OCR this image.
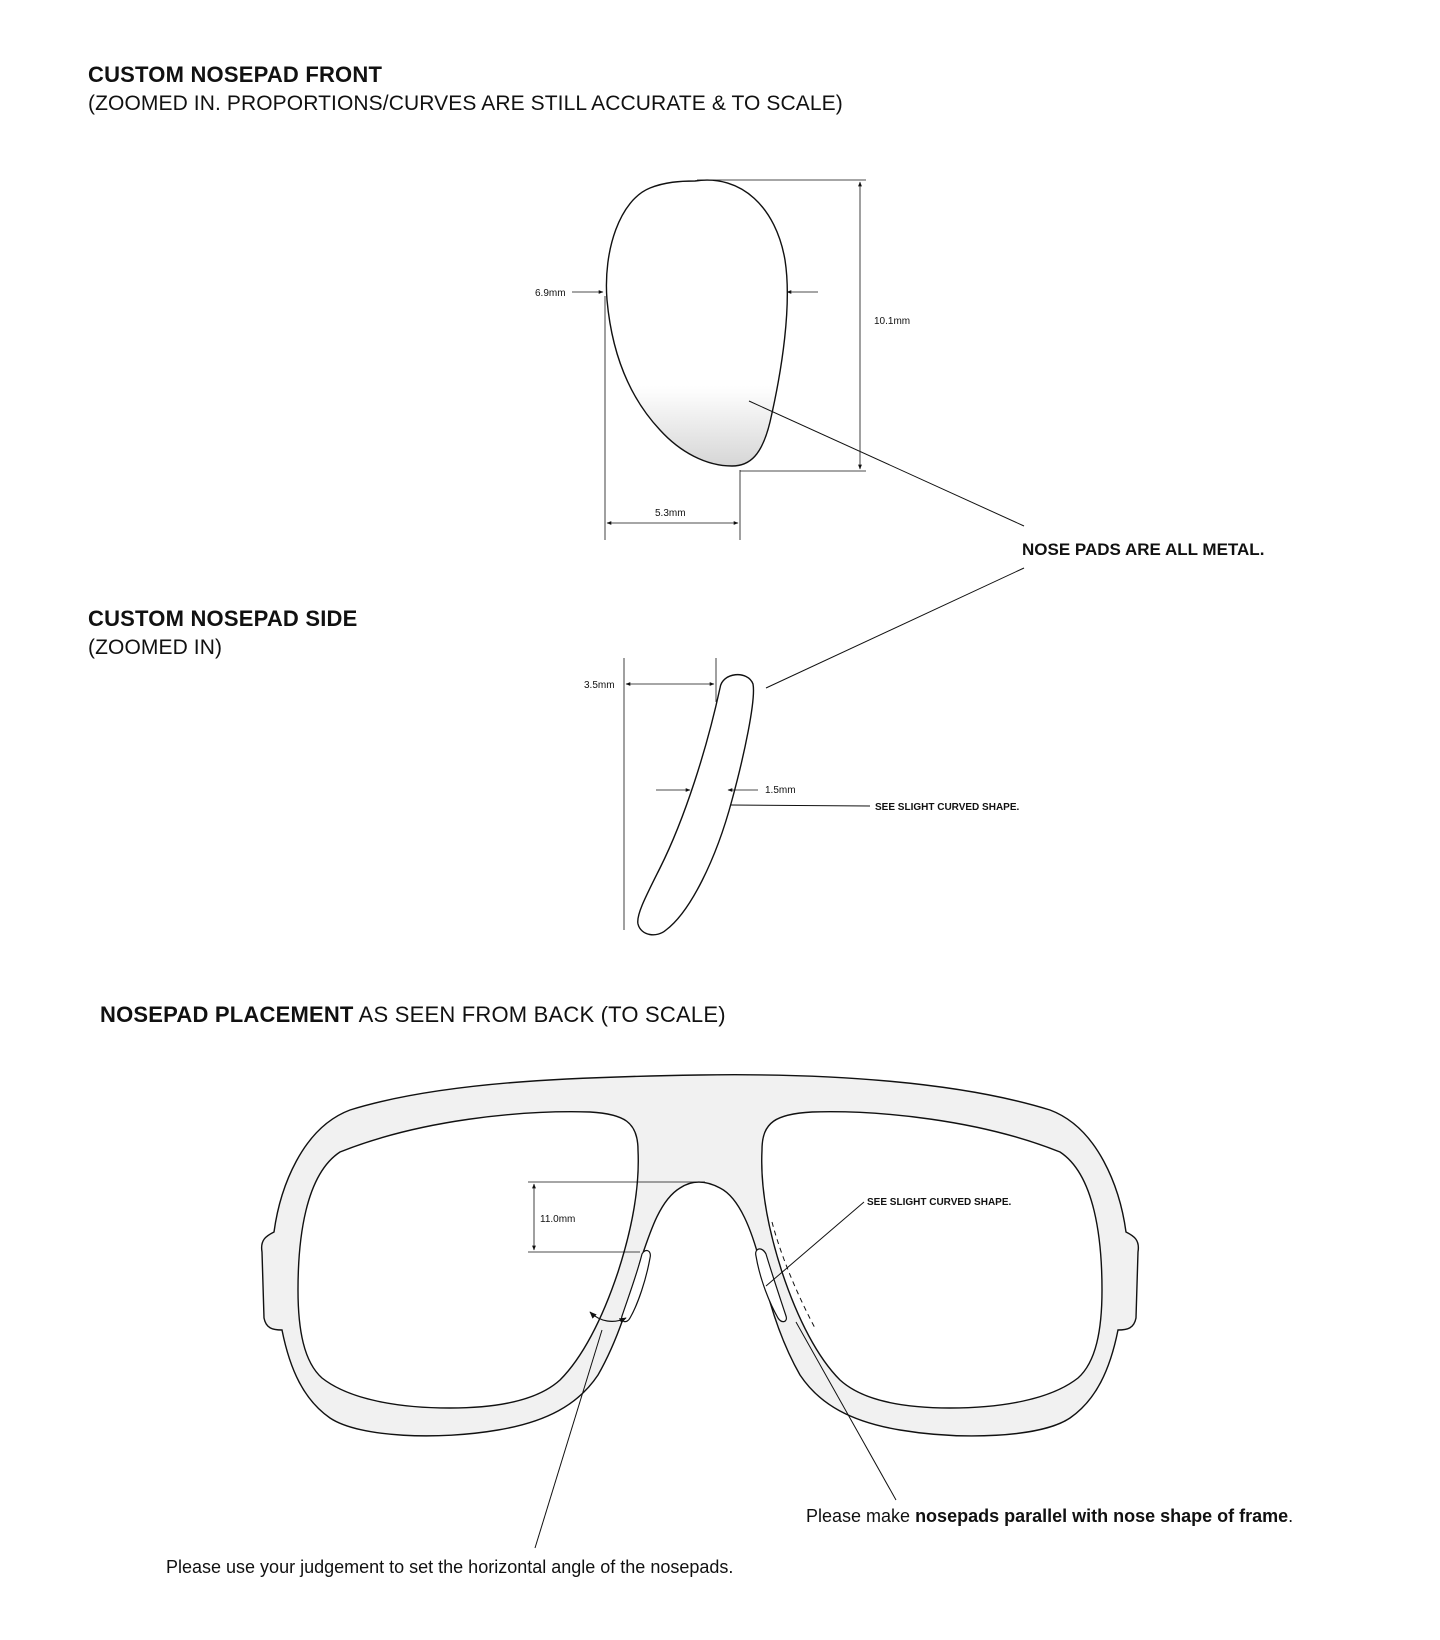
CUSTOM NOSEPAD FRONT
(ZOOMED IN. PROPORTIONS/CURVES ARE STILL ACCURATE & TO SCALE)
CUSTOM NOSEPAD SIDE
(ZOOMED IN)
NOSEPAD PLACEMENT AS SEEN FROM BACK (TO SCALE)
10.1mm
6.9mm
5.3mm
NOSE PADS ARE ALL METAL.
3.5mm
1.5mm
SEE SLIGHT CURVED SHAPE.
11.0mm
SEE SLIGHT CURVED SHAPE.
Please make nosepads parallel with nose shape of frame.
Please use your judgement to set the horizontal angle of the nosepads.
